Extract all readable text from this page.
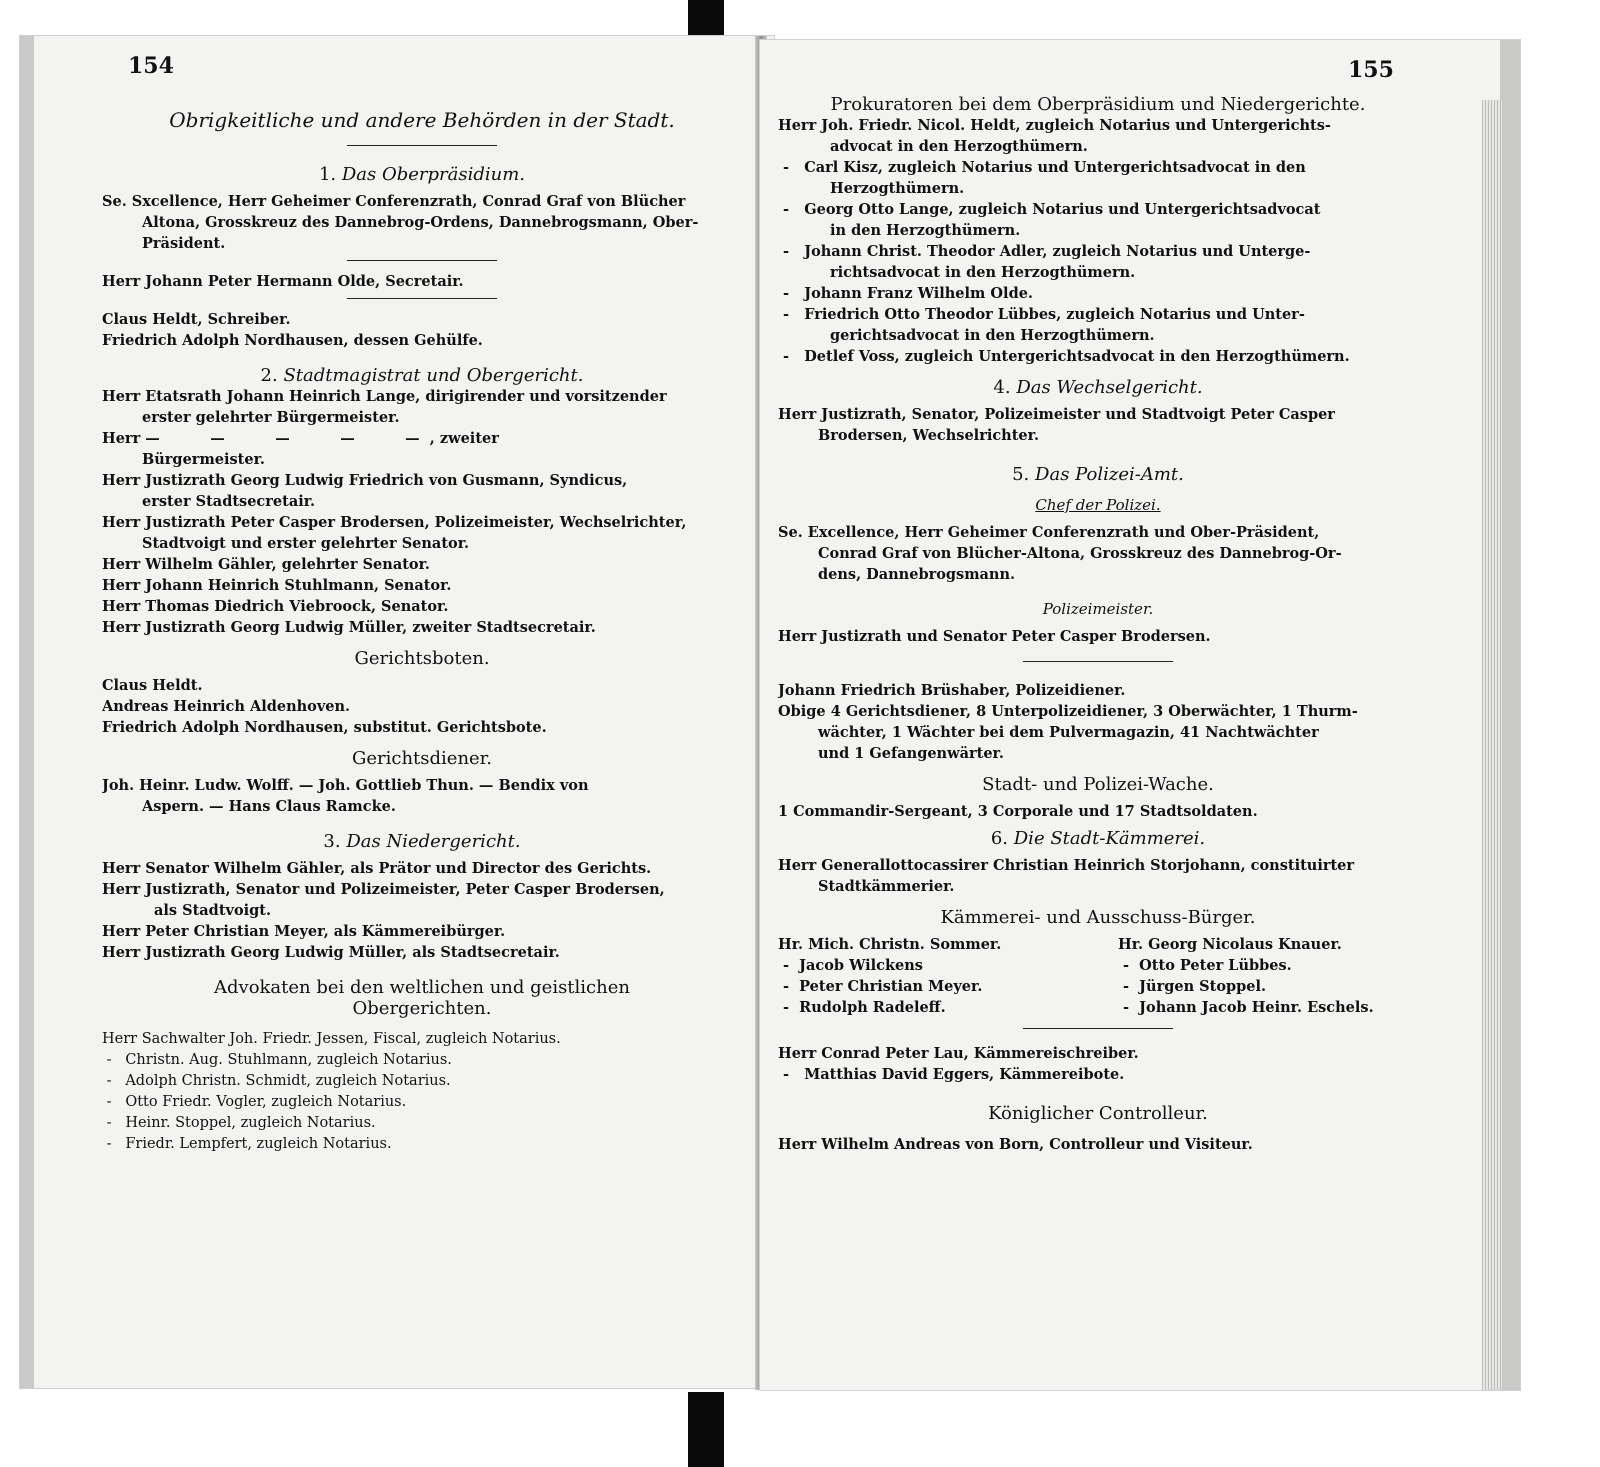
154
Obrigkeitliche und andere Behörden in der Stadt.
1. Das Oberpräsidium.
Se. Sxcellence, Herr Geheimer Conferenzrath, Conrad Graf von Blücher
Altona, Grosskreuz des Dannebrog-Ordens, Dannebrogsmann, Ober-
Präsident.
Herr Johann Peter Hermann Olde, Secretair.
Claus Heldt, Schreiber.
Friedrich Adolph Nordhausen, dessen Gehülfe.
2. Stadtmagistrat und Obergericht.
Herr Etatsrath Johann Heinrich Lange, dirigirender und vorsitzender
erster gelehrter Bürgermeister.
Herr —          —          —          —          —  , zweiter
Bürgermeister.
Herr Justizrath Georg Ludwig Friedrich von Gusmann, Syndicus,
erster Stadtsecretair.
Herr Justizrath Peter Casper Brodersen, Polizeimeister, Wechselrichter,
Stadtvoigt und erster gelehrter Senator.
Herr Wilhelm Gähler, gelehrter Senator.
Herr Johann Heinrich Stuhlmann, Senator.
Herr Thomas Diedrich Viebroock, Senator.
Herr Justizrath Georg Ludwig Müller, zweiter Stadtsecretair.
Gerichtsboten.
Claus Heldt.
Andreas Heinrich Aldenhoven.
Friedrich Adolph Nordhausen, substitut. Gerichtsbote.
Gerichtsdiener.
Joh. Heinr. Ludw. Wolff. — Joh. Gottlieb Thun. — Bendix von
Aspern. — Hans Claus Ramcke.
3. Das Niedergericht.
Herr Senator Wilhelm Gähler, als Prätor und Director des Gerichts.
Herr Justizrath, Senator und Polizeimeister, Peter Casper Brodersen,
als Stadtvoigt.
Herr Peter Christian Meyer, als Kämmereibürger.
Herr Justizrath Georg Ludwig Müller, als Stadtsecretair.
Advokaten bei den weltlichen und geistlichen
Obergerichten.
Herr Sachwalter Joh. Friedr. Jessen, Fiscal, zugleich Notarius.
-   Christn. Aug. Stuhlmann, zugleich Notarius.
-   Adolph Christn. Schmidt, zugleich Notarius.
-   Otto Friedr. Vogler, zugleich Notarius.
-   Heinr. Stoppel, zugleich Notarius.
-   Friedr. Lempfert, zugleich Notarius.
155
Prokuratoren bei dem Oberpräsidium und Niedergerichte.
Herr Joh. Friedr. Nicol. Heldt, zugleich Notarius und Untergerichts-
advocat in den Herzogthümern.
-   Carl Kisz, zugleich Notarius und Untergerichtsadvocat in den
Herzogthümern.
-   Georg Otto Lange, zugleich Notarius und Untergerichtsadvocat
in den Herzogthümern.
-   Johann Christ. Theodor Adler, zugleich Notarius und Unterge-
richtsadvocat in den Herzogthümern.
-   Johann Franz Wilhelm Olde.
-   Friedrich Otto Theodor Lübbes, zugleich Notarius und Unter-
gerichtsadvocat in den Herzogthümern.
-   Detlef Voss, zugleich Untergerichtsadvocat in den Herzogthümern.
4. Das Wechselgericht.
Herr Justizrath, Senator, Polizeimeister und Stadtvoigt Peter Casper
Brodersen, Wechselrichter.
5. Das Polizei-Amt.
Chef der Polizei.
Se. Excellence, Herr Geheimer Conferenzrath und Ober-Präsident,
Conrad Graf von Blücher-Altona, Grosskreuz des Dannebrog-Or-
dens, Dannebrogsmann.
Polizeimeister.
Herr Justizrath und Senator Peter Casper Brodersen.
Johann Friedrich Brüshaber, Polizeidiener.
Obige 4 Gerichtsdiener, 8 Unterpolizeidiener, 3 Oberwächter, 1 Thurm-
wächter, 1 Wächter bei dem Pulvermagazin, 41 Nachtwächter
und 1 Gefangenwärter.
Stadt- und Polizei-Wache.
1 Commandir-Sergeant, 3 Corporale und 17 Stadtsoldaten.
6. Die Stadt-Kämmerei.
Herr Generallottocassirer Christian Heinrich Storjohann, constituirter
Stadtkämmerier.
Kämmerei- und Ausschuss-Bürger.
Hr. Mich. Christn. Sommer.
-  Jacob Wilckens
-  Peter Christian Meyer.
-  Rudolph Radeleff.
Hr. Georg Nicolaus Knauer.
-  Otto Peter Lübbes.
-  Jürgen Stoppel.
-  Johann Jacob Heinr. Eschels.
Herr Conrad Peter Lau, Kämmereischreiber.
-   Matthias David Eggers, Kämmereibote.
Königlicher Controlleur.
Herr Wilhelm Andreas von Born, Controlleur und Visiteur.
